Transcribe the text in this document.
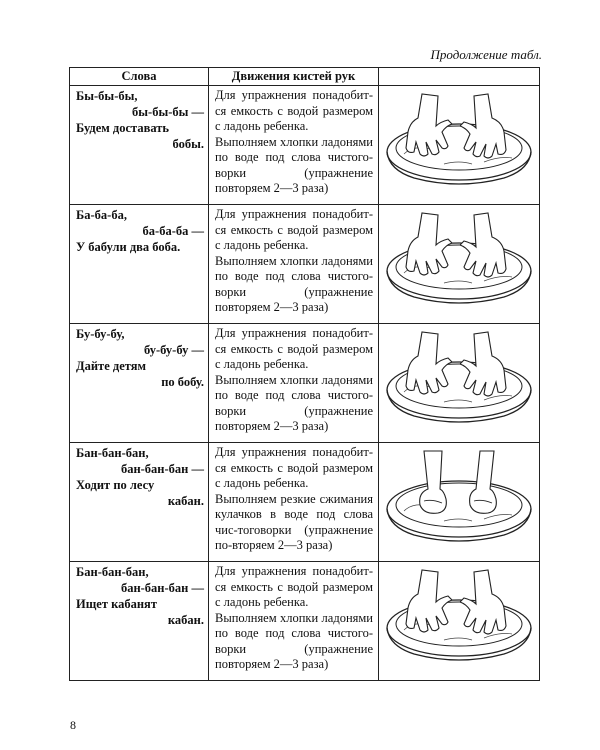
Продолжение табл.
Слова	Движения кистей рук	

Бы-бы-бы,
бы-бы-бы —
Будем доставать
бобы.	Для упражнения понадобит-ся емкость с водой размером с ладонь ребенка.
Выполняем хлопки ладонями по воде под слова чистого-ворки (упражнение повторяем 2—3 раза)

Ба-ба-ба,
ба-ба-ба —
У бабули два боба.	Для упражнения понадобит-ся емкость с водой размером с ладонь ребенка.
Выполняем хлопки ладонями по воде под слова чистого-ворки (упражнение повторяем 2—3 раза)

Бу-бу-бу,
бу-бу-бу —
Дайте детям
по бобу.	Для упражнения понадобит-ся емкость с водой размером с ладонь ребенка.
Выполняем хлопки ладонями по воде под слова чистого-ворки (упражнение повторяем 2—3 раза)

Бан-бан-бан,
бан-бан-бан —
Ходит по лесу
кабан.	Для упражнения понадобит-ся емкость с водой размером с ладонь ребенка.
Выполняем резкие сжимания кулачков в воде под слова чис-тоговорки (упражнение по-вторяем 2—3 раза)

Бан-бан-бан,
бан-бан-бан —
Ищет кабанят
кабан.	Для упражнения понадобит-ся емкость с водой размером с ладонь ребенка.
Выполняем хлопки ладонями по воде под слова чистого-ворки (упражнение повторяем 2—3 раза)

8
